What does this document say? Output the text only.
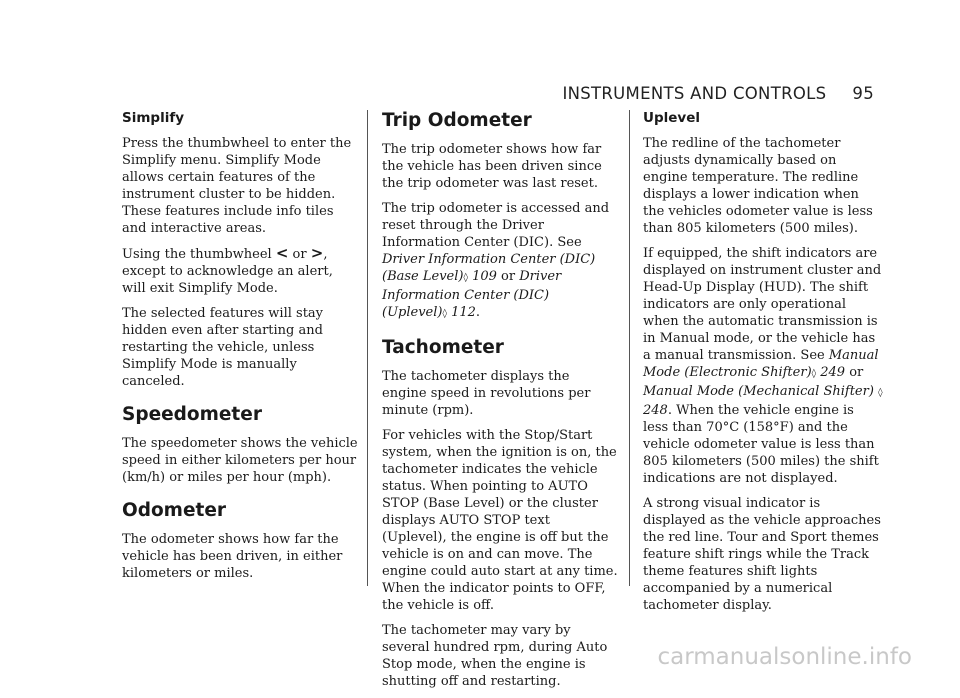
INSTRUMENTS AND CONTROLS 95
Simplify

Press the thumbwheel to enter the Simplify menu. Simplify Mode allows certain features of the instrument cluster to be hidden. These features include info tiles and interactive areas.

Using the thumbwheel < or >, except to acknowledge an alert, will exit Simplify Mode.

The selected features will stay hidden even after starting and restarting the vehicle, unless Simplify Mode is manually canceled.

Speedometer

The speedometer shows the vehicle speed in either kilometers per hour (km/h) or miles per hour (mph).

Odometer

The odometer shows how far the vehicle has been driven, in either kilometers or miles.

Trip Odometer

The trip odometer shows how far the vehicle has been driven since the trip odometer was last reset.

The trip odometer is accessed and reset through the Driver Information Center (DIC). See Driver Information Center (DIC) (Base Level)◊ 109 or Driver Information Center (DIC) (Uplevel)◊ 112.

Tachometer

The tachometer displays the engine speed in revolutions per minute (rpm).

For vehicles with the Stop/Start system, when the ignition is on, the tachometer indicates the vehicle status. When pointing to AUTO STOP (Base Level) or the cluster displays AUTO STOP text (Uplevel), the engine is off but the vehicle is on and can move. The engine could auto start at any time. When the indicator points to OFF, the vehicle is off.

The tachometer may vary by several hundred rpm, during Auto Stop mode, when the engine is shutting off and restarting.

Uplevel

The redline of the tachometer adjusts dynamically based on engine temperature. The redline displays a lower indication when the vehicles odometer value is less than 805 kilometers (500 miles).

If equipped, the shift indicators are displayed on instrument cluster and Head-Up Display (HUD). The shift indicators are only operational when the automatic transmission is in Manual mode, or the vehicle has a manual transmission. See Manual Mode (Electronic Shifter)◊ 249 or Manual Mode (Mechanical Shifter) ◊ 248. When the vehicle engine is less than 70°C (158°F) and the vehicle odometer value is less than 805 kilometers (500 miles) the shift indications are not displayed.

A strong visual indicator is displayed as the vehicle approaches the red line. Tour and Sport themes feature shift rings while the Track theme features shift lights accompanied by a numerical tachometer display.

carmanualsonline.info
